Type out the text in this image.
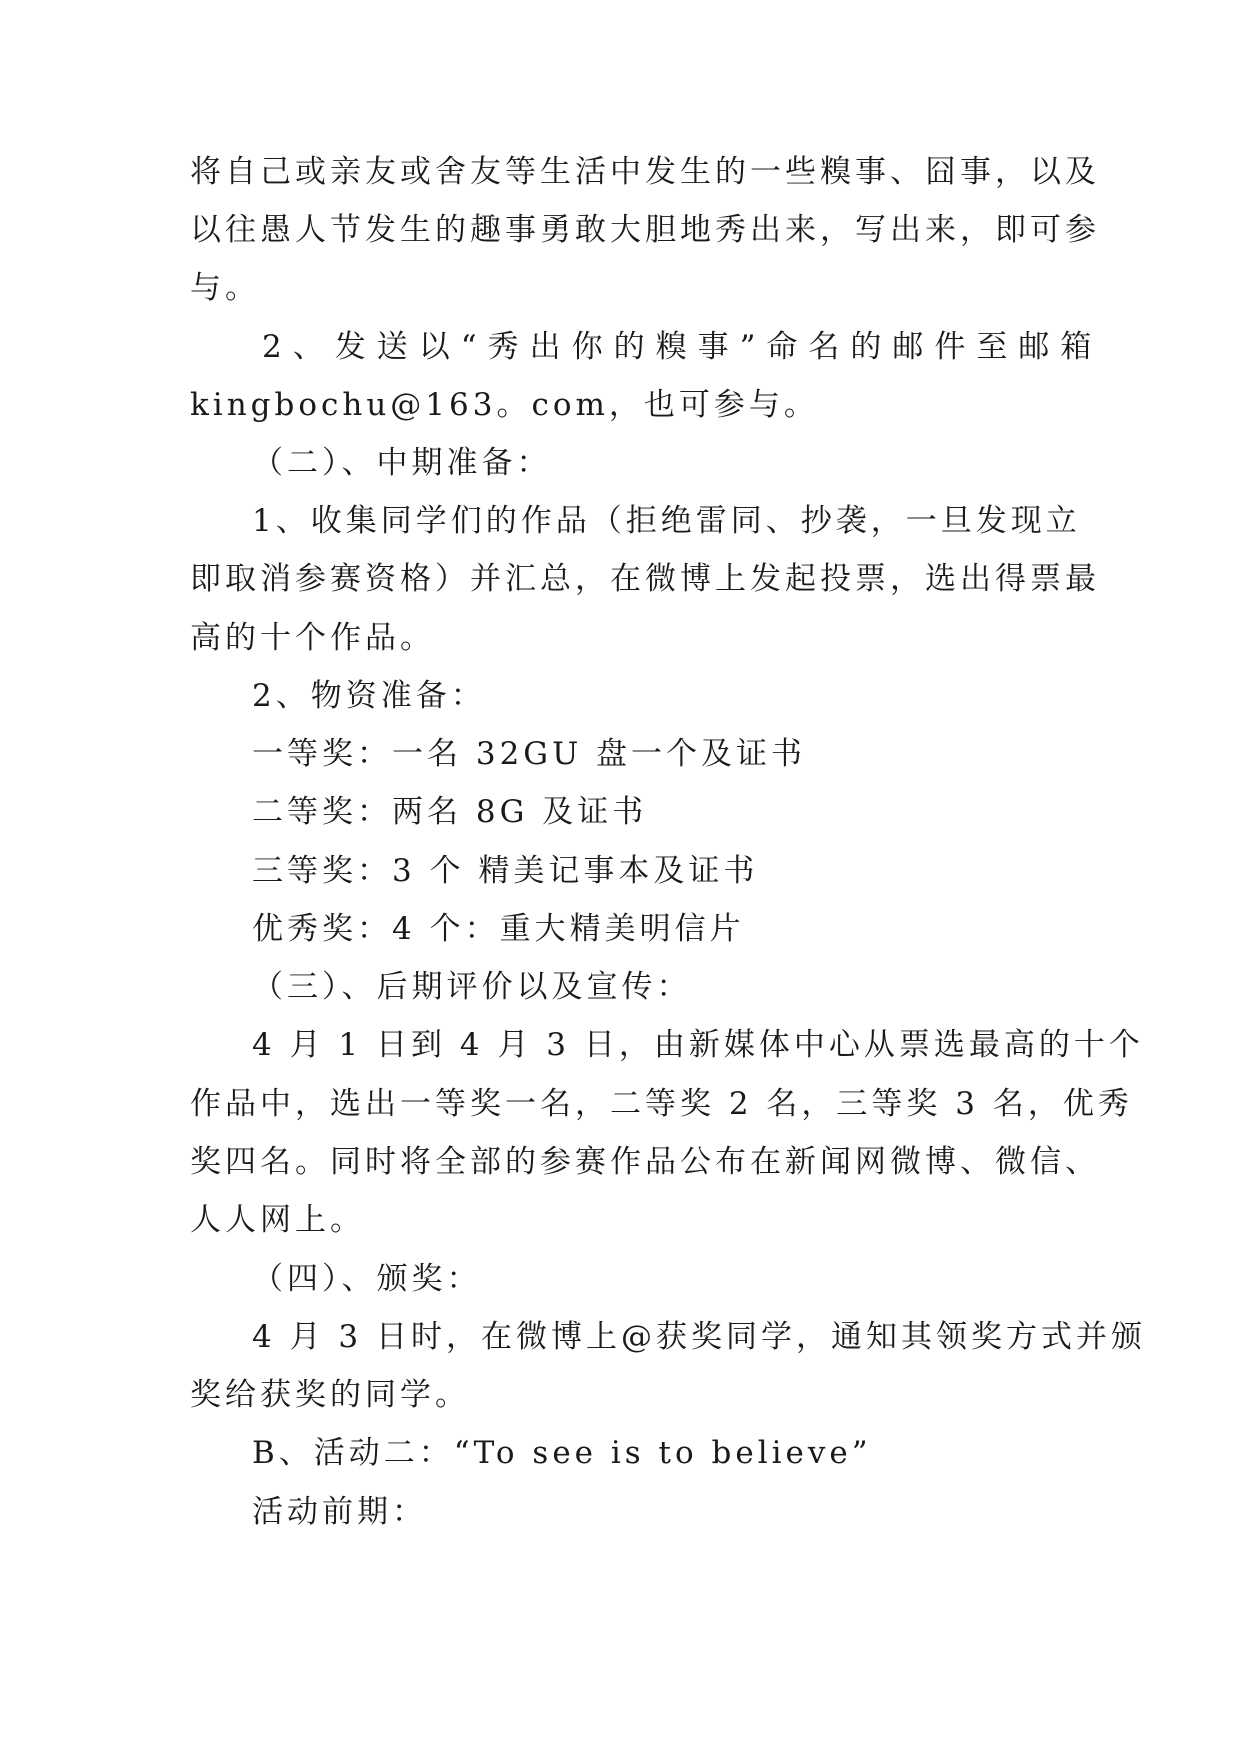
将自己或亲友或舍友等生活中发生的一些糗事、囧事，以及
以往愚人节发生的趣事勇敢大胆地秀出来，写出来，即可参
与。
2、发送以“秀出你的糗事”命名的邮件至邮箱
kingbochu@163。com，也可参与。
（二）、中期准备：
1、收集同学们的作品（拒绝雷同、抄袭，一旦发现立
即取消参赛资格）并汇总，在微博上发起投票，选出得票最
高的十个作品。
2、物资准备：
一等奖：一名 32GU 盘一个及证书
二等奖：两名 8G 及证书
三等奖：3 个 精美记事本及证书
优秀奖：4 个：重大精美明信片
（三）、后期评价以及宣传：
4 月 1 日到 4 月 3 日，由新媒体中心从票选最高的十个
作品中，选出一等奖一名，二等奖 2 名，三等奖 3 名，优秀
奖四名。同时将全部的参赛作品公布在新闻网微博、微信、
人人网上。
（四）、颁奖：
4 月 3 日时，在微博上@获奖同学，通知其领奖方式并颁
奖给获奖的同学。
B、活动二：“To see is to believe”
活动前期：
